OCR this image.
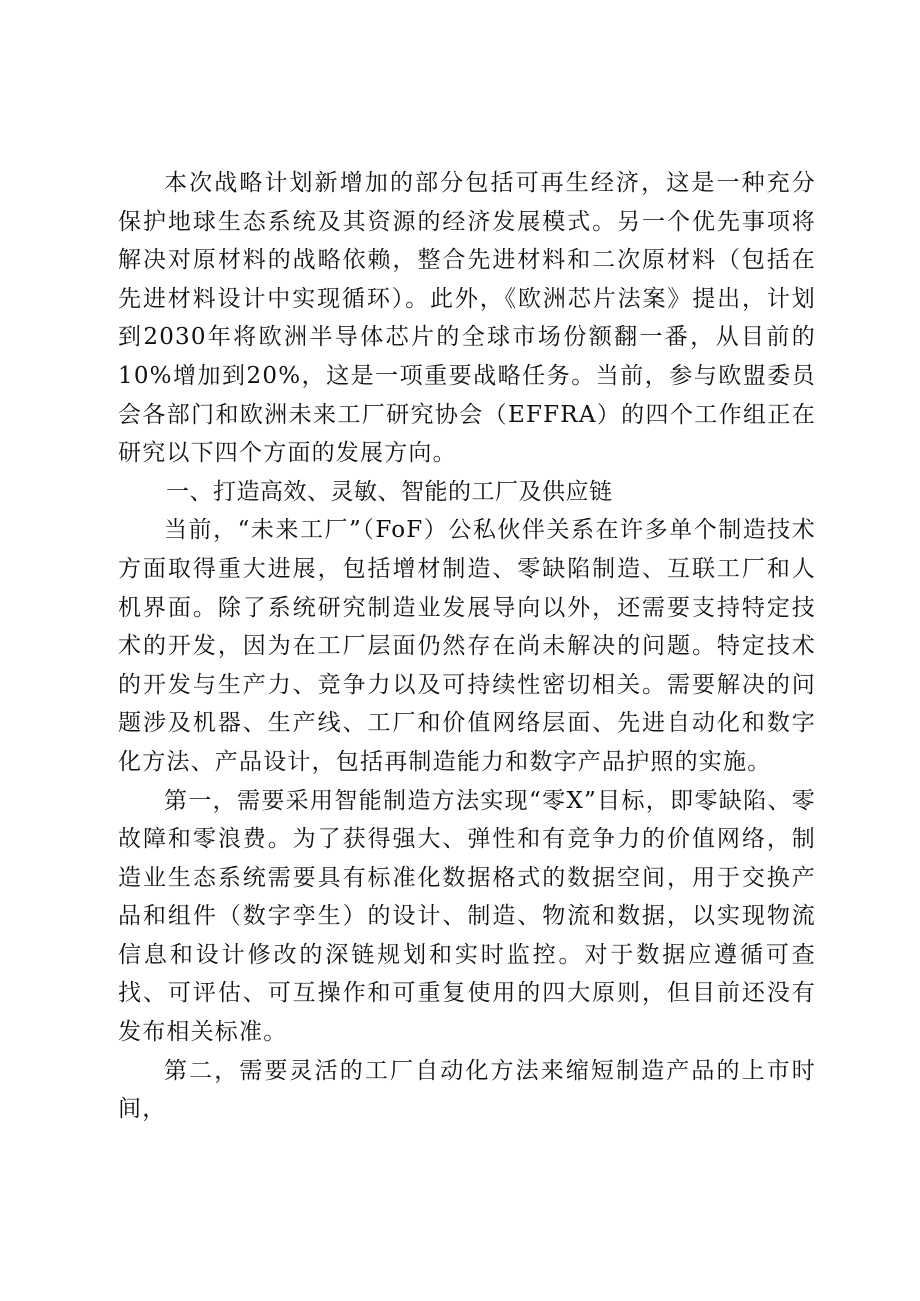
本次战略计划新增加的部分包括可再生经济，这是一种充分保护地球生态系统及其资源的经济发展模式。另一个优先事项将解决对原材料的战略依赖，整合先进材料和二次原材料（包括在先进材料设计中实现循环）。此外，《欧洲芯片法案》提出，计划到2030年将欧洲半导体芯片的全球市场份额翻一番，从目前的10%增加到20%，这是一项重要战略任务。当前，参与欧盟委员会各部门和欧洲未来工厂研究协会（EFFRA）的四个工作组正在研究以下四个方面的发展方向。

一、打造高效、灵敏、智能的工厂及供应链

当前，“未来工厂”（FoF）公私伙伴关系在许多单个制造技术方面取得重大进展，包括增材制造、零缺陷制造、互联工厂和人机界面。除了系统研究制造业发展导向以外，还需要支持特定技术的开发，因为在工厂层面仍然存在尚未解决的问题。特定技术的开发与生产力、竞争力以及可持续性密切相关。需要解决的问题涉及机器、生产线、工厂和价值网络层面、先进自动化和数字化方法、产品设计，包括再制造能力和数字产品护照的实施。

第一，需要采用智能制造方法实现“零X”目标，即零缺陷、零故障和零浪费。为了获得强大、弹性和有竞争力的价值网络，制造业生态系统需要具有标准化数据格式的数据空间，用于交换产品和组件（数字孪生）的设计、制造、物流和数据，以实现物流信息和设计修改的深链规划和实时监控。对于数据应遵循可查找、可评估、可互操作和可重复使用的四大原则，但目前还没有发布相关标准。

第二，需要灵活的工厂自动化方法来缩短制造产品的上市时间，
